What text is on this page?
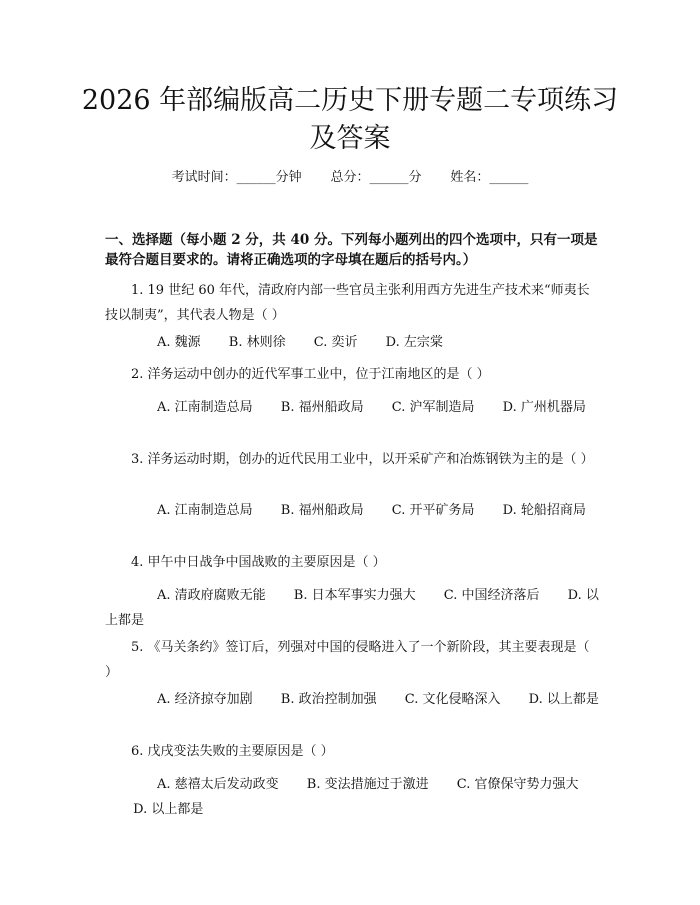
2026 年部编版高二历史下册专题二专项练习
及答案
考试时间：______分钟       总分：______分       姓名：______

一、选择题（每小题 2 分，共 40 分。下列每小题列出的四个选项中，只有一项是最符合题目要求的。请将正确选项的字母填在题后的括号内。）

1. 19 世纪 60 年代，清政府内部一些官员主张利用西方先进生产技术来“师夷长技以制夷”，其代表人物是（ ）

A. 魏源 B. 林则徐 C. 奕䜣 D. 左宗棠

2. 洋务运动中创办的近代军事工业中，位于江南地区的是（ ）

A. 江南制造总局 B. 福州船政局 C. 沪军制造局 D. 广州机器局

3. 洋务运动时期，创办的近代民用工业中，以开采矿产和冶炼钢铁为主的是（ ）

A. 江南制造总局 B. 福州船政局 C. 开平矿务局 D. 轮船招商局

4. 甲午中日战争中国战败的主要原因是（ ）

A. 清政府腐败无能 B. 日本军事实力强大 C. 中国经济落后 D. 以上都是

5. 《马关条约》签订后，列强对中国的侵略进入了一个新阶段，其主要表现是（ ）

A. 经济掠夺加剧 B. 政治控制加强 C. 文化侵略深入 D. 以上都是

6. 戊戌变法失败的主要原因是（ ）

A. 慈禧太后发动政变 B. 变法措施过于激进 C. 官僚保守势力强大 D. 以上都是
